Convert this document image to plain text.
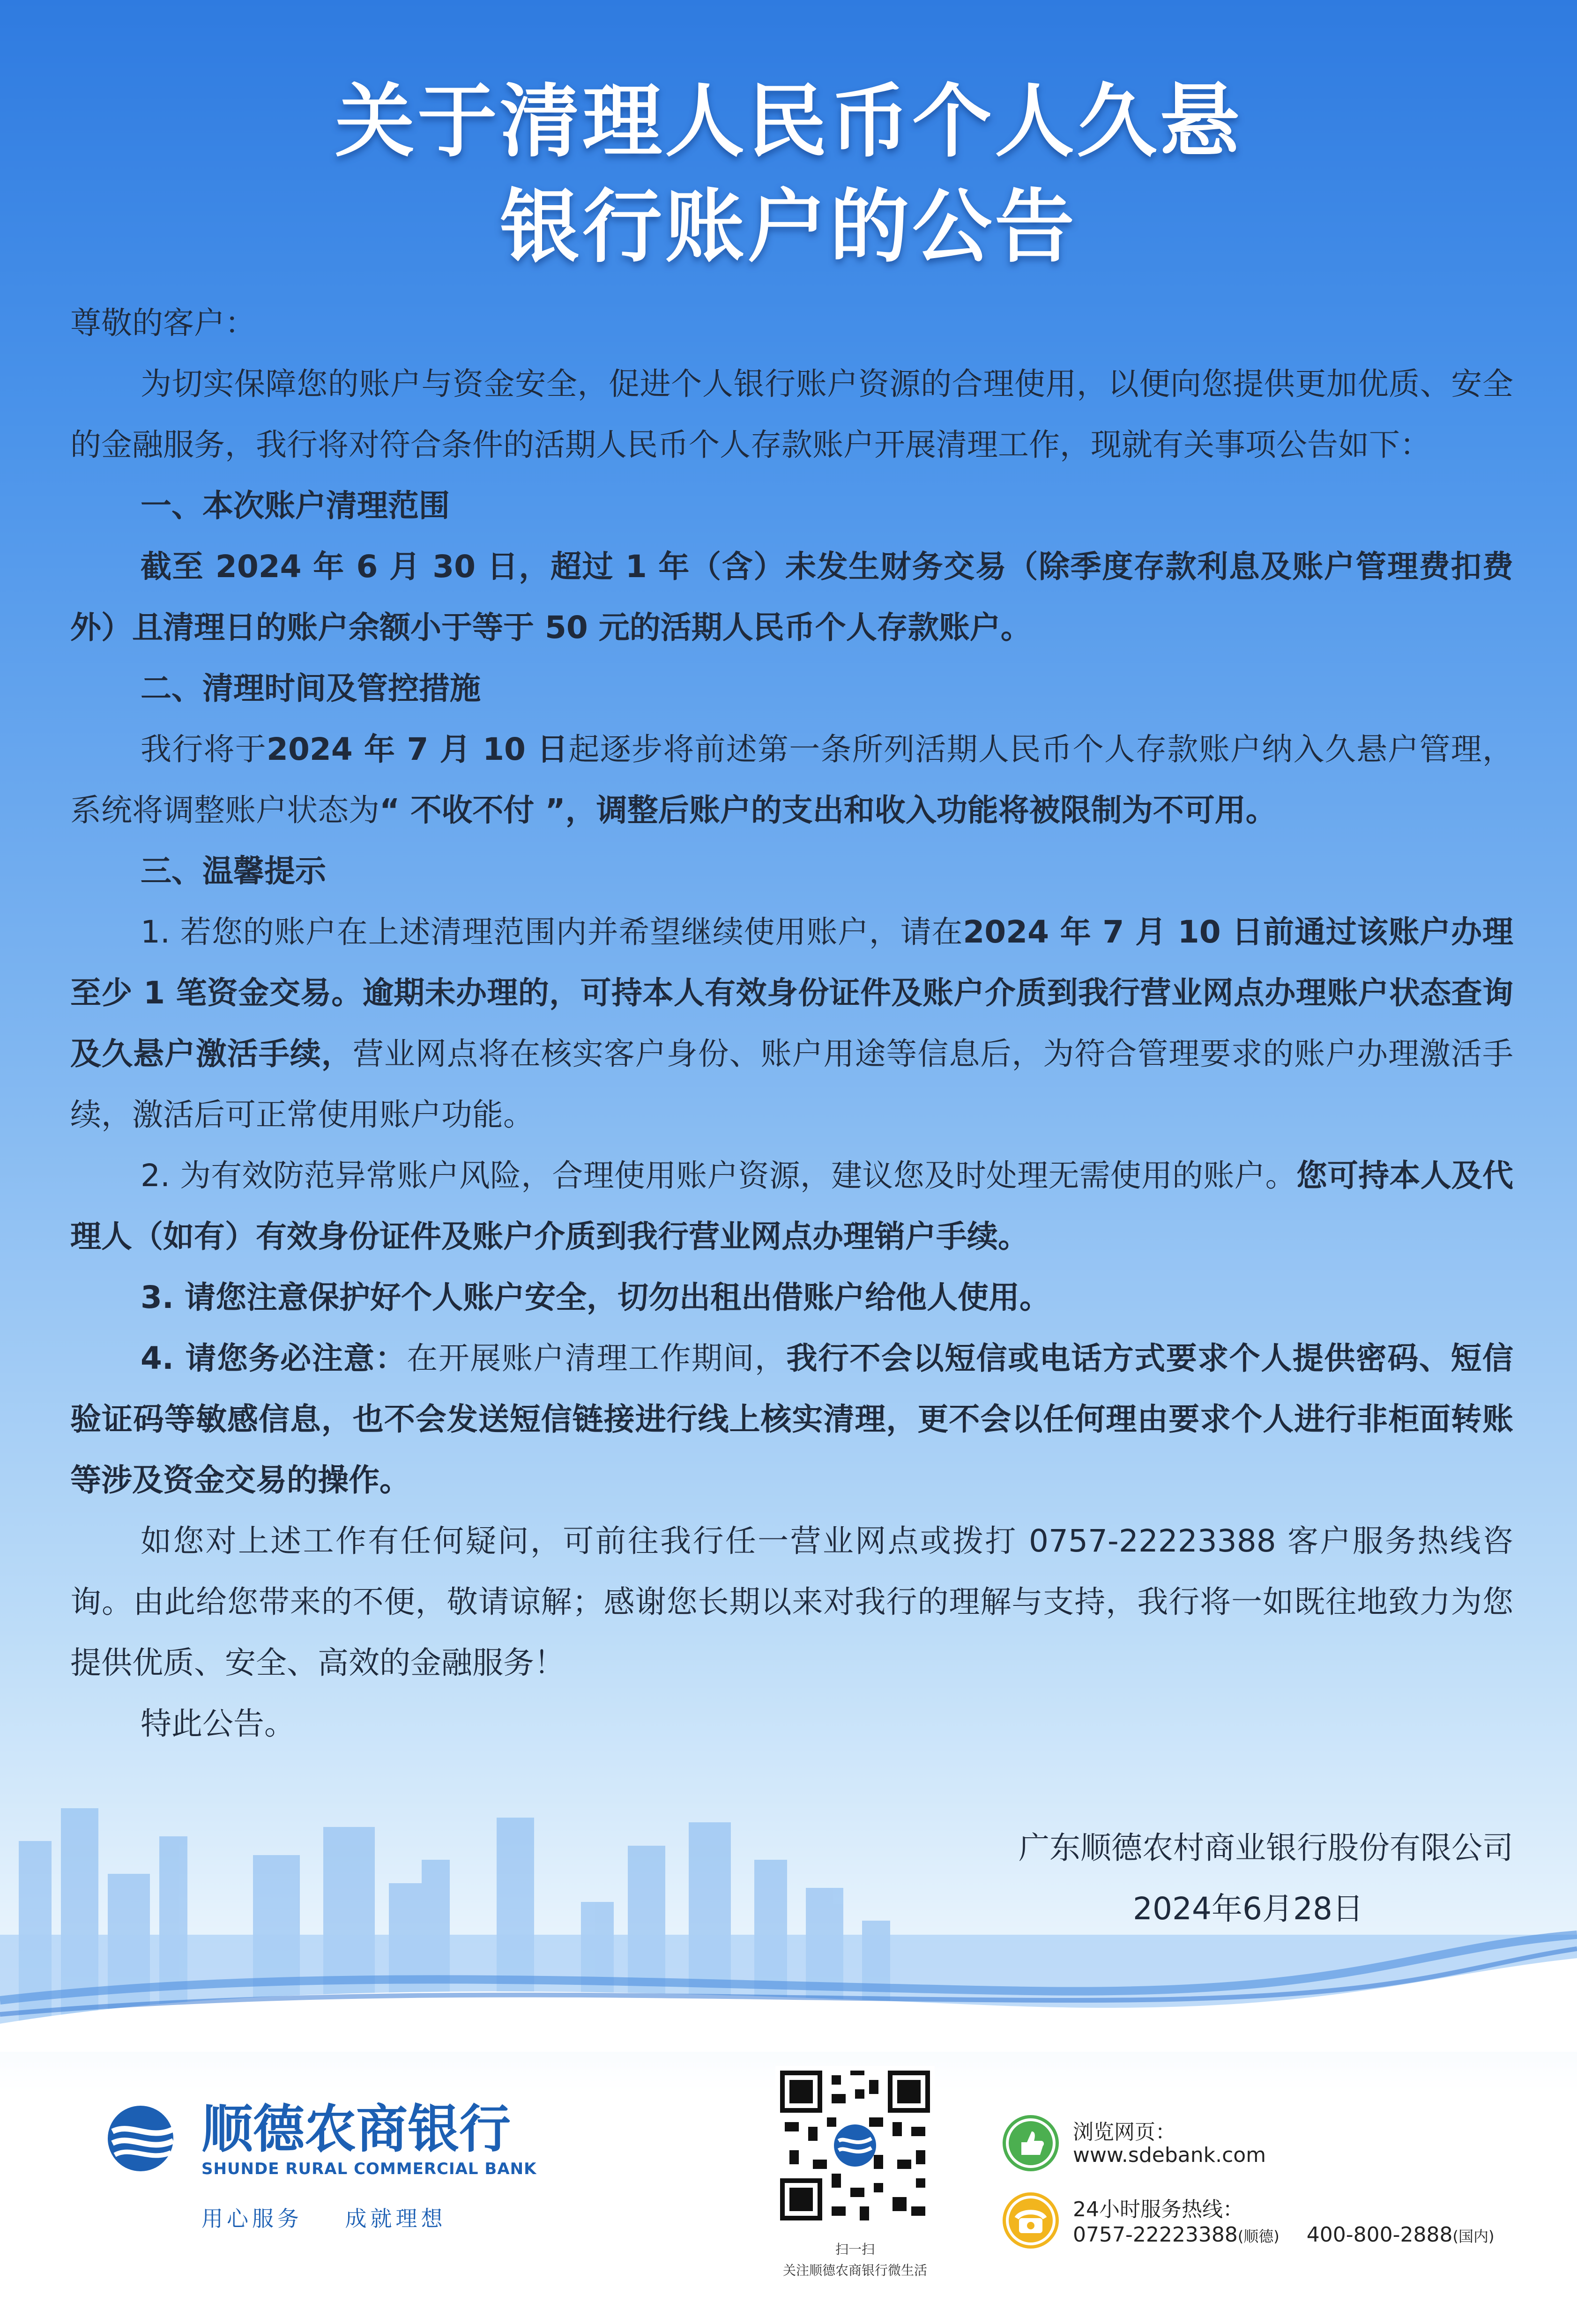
关于清理人民币个人久悬
银行账户的公告

尊敬的客户：

为切实保障您的账户与资金安全，促进个人银行账户资源的合理使用，以便向您提供更加优质、安全的金融服务，我行将对符合条件的活期人民币个人存款账户开展清理工作，现就有关事项公告如下：

一、本次账户清理范围

截至 2024 年 6 月 30 日，超过 1 年（含）未发生财务交易（除季度存款利息及账户管理费扣费外）且清理日的账户余额小于等于 50 元的活期人民币个人存款账户。

二、清理时间及管控措施

我行将于2024 年 7 月 10 日起逐步将前述第一条所列活期人民币个人存款账户纳入久悬户管理，系统将调整账户状态为“ 不收不付 ”，调整后账户的支出和收入功能将被限制为不可用。

三、温馨提示

1. 若您的账户在上述清理范围内并希望继续使用账户，请在2024 年 7 月 10 日前通过该账户办理至少 1 笔资金交易。逾期未办理的，可持本人有效身份证件及账户介质到我行营业网点办理账户状态查询及久悬户激活手续，营业网点将在核实客户身份、账户用途等信息后，为符合管理要求的账户办理激活手续，激活后可正常使用账户功能。

2. 为有效防范异常账户风险，合理使用账户资源，建议您及时处理无需使用的账户。您可持本人及代理人（如有）有效身份证件及账户介质到我行营业网点办理销户手续。

3. 请您注意保护好个人账户安全，切勿出租出借账户给他人使用。

4. 请您务必注意：在开展账户清理工作期间，我行不会以短信或电话方式要求个人提供密码、短信验证码等敏感信息，也不会发送短信链接进行线上核实清理，更不会以任何理由要求个人进行非柜面转账等涉及资金交易的操作。

如您对上述工作有任何疑问，可前往我行任一营业网点或拨打 0757-22223388 客户服务热线咨询。由此给您带来的不便，敬请谅解；感谢您长期以来对我行的理解与支持，我行将一如既往地致力为您提供优质、安全、高效的金融服务！

特此公告。

广东顺德农村商业银行股份有限公司
2024年6月28日
顺德农商银行
SHUNDE RURAL COMMERCIAL BANK
用心服务    成就理想
扫一扫
关注顺德农商银行微生活
浏览网页：
www.sdebank.com
24小时服务热线：
0757-22223388(顺德) 400-800-2888(国内)
